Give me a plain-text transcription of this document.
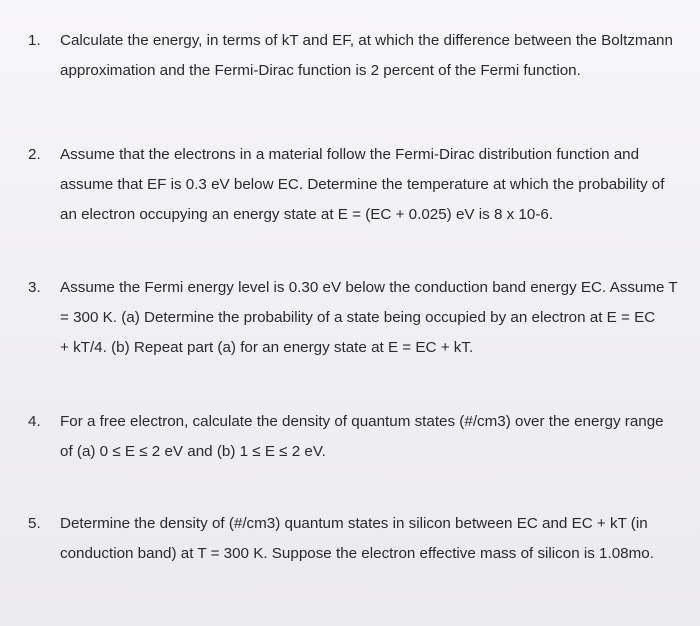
1.	Calculate the energy, in terms of kT and EF, at which the difference between the Boltzmann
approximation and the Fermi-Dirac function is 2 percent of the Fermi function.
2.	Assume that the electrons in a material follow the Fermi-Dirac distribution function and
assume that EF is 0.3 eV below EC. Determine the temperature at which the probability of
an electron occupying an energy state at E = (EC + 0.025) eV is 8 x 10-6.
3.	Assume the Fermi energy level is 0.30 eV below the conduction band energy EC. Assume T
= 300 K. (a) Determine the probability of a state being occupied by an electron at E = EC
+ kT/4. (b) Repeat part (a) for an energy state at E = EC + kT.
4.	For a free electron, calculate the density of quantum states (#/cm3) over the energy range
of (a) 0 ≤ E ≤ 2 eV and (b) 1 ≤ E ≤ 2 eV.
5.	Determine the density of (#/cm3) quantum states in silicon between EC and EC + kT (in
conduction band) at T = 300 K. Suppose the electron effective mass of silicon is 1.08mo.
